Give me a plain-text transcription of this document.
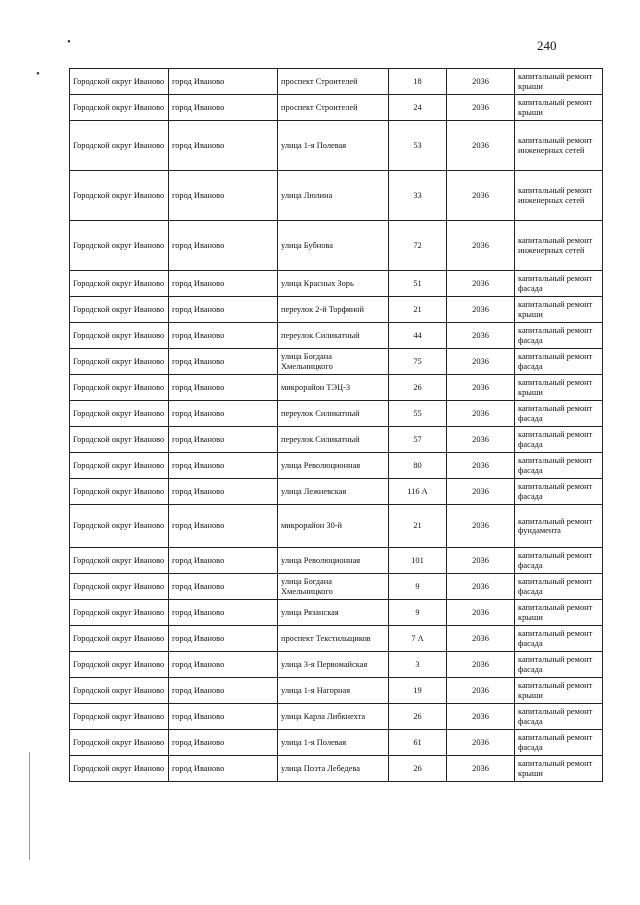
240
•
•
Городской округ Иваново	город Иваново	проспект Строителей	18	2036	капитальный ремонт крыши
Городской округ Иваново	город Иваново	проспект Строителей	24	2036	капитальный ремонт крыши
Городской округ Иваново	город Иваново	улица 1-я Полевая	53	2036	капитальный ремонт инженерных сетей
Городской округ Иваново	город Иваново	улица Люлина	33	2036	капитальный ремонт инженерных сетей
Городской округ Иваново	город Иваново	улица Бубнова	72	2036	капитальный ремонт инженерных сетей
Городской округ Иваново	город Иваново	улица Красных Зорь	51	2036	капитальный ремонт фасада
Городской округ Иваново	город Иваново	переулок 2-й Торфяной	21	2036	капитальный ремонт крыши
Городской округ Иваново	город Иваново	переулок Силикатный	44	2036	капитальный ремонт фасада
Городской округ Иваново	город Иваново	улица Богдана Хмельницкого	75	2036	капитальный ремонт фасада
Городской округ Иваново	город Иваново	микрорайон ТЭЦ-3	26	2036	капитальный ремонт крыши
Городской округ Иваново	город Иваново	переулок Силикатный	55	2036	капитальный ремонт фасада
Городской округ Иваново	город Иваново	переулок Силикатный	57	2036	капитальный ремонт фасада
Городской округ Иваново	город Иваново	улица Революционная	80	2036	капитальный ремонт фасада
Городской округ Иваново	город Иваново	улица Лежневская	116 А	2036	капитальный ремонт фасада
Городской округ Иваново	город Иваново	микрорайон 30-й	21	2036	капитальный ремонт фундамента
Городской округ Иваново	город Иваново	улица Революционная	101	2036	капитальный ремонт фасада
Городской округ Иваново	город Иваново	улица Богдана Хмельницкого	9	2036	капитальный ремонт фасада
Городской округ Иваново	город Иваново	улица Рязанская	9	2036	капитальный ремонт крыши
Городской округ Иваново	город Иваново	проспект Текстильщиков	7 А	2036	капитальный ремонт фасада
Городской округ Иваново	город Иваново	улица 3-я Первомайская	3	2036	капитальный ремонт фасада
Городской округ Иваново	город Иваново	улица 1-я Нагорная	19	2036	капитальный ремонт крыши
Городской округ Иваново	город Иваново	улица Карла Либкнехта	26	2036	капитальный ремонт фасада
Городской округ Иваново	город Иваново	улица 1-я Полевая	61	2036	капитальный ремонт фасада
Городской округ Иваново	город Иваново	улица Поэта Лебедева	26	2036	капитальный ремонт крыши
